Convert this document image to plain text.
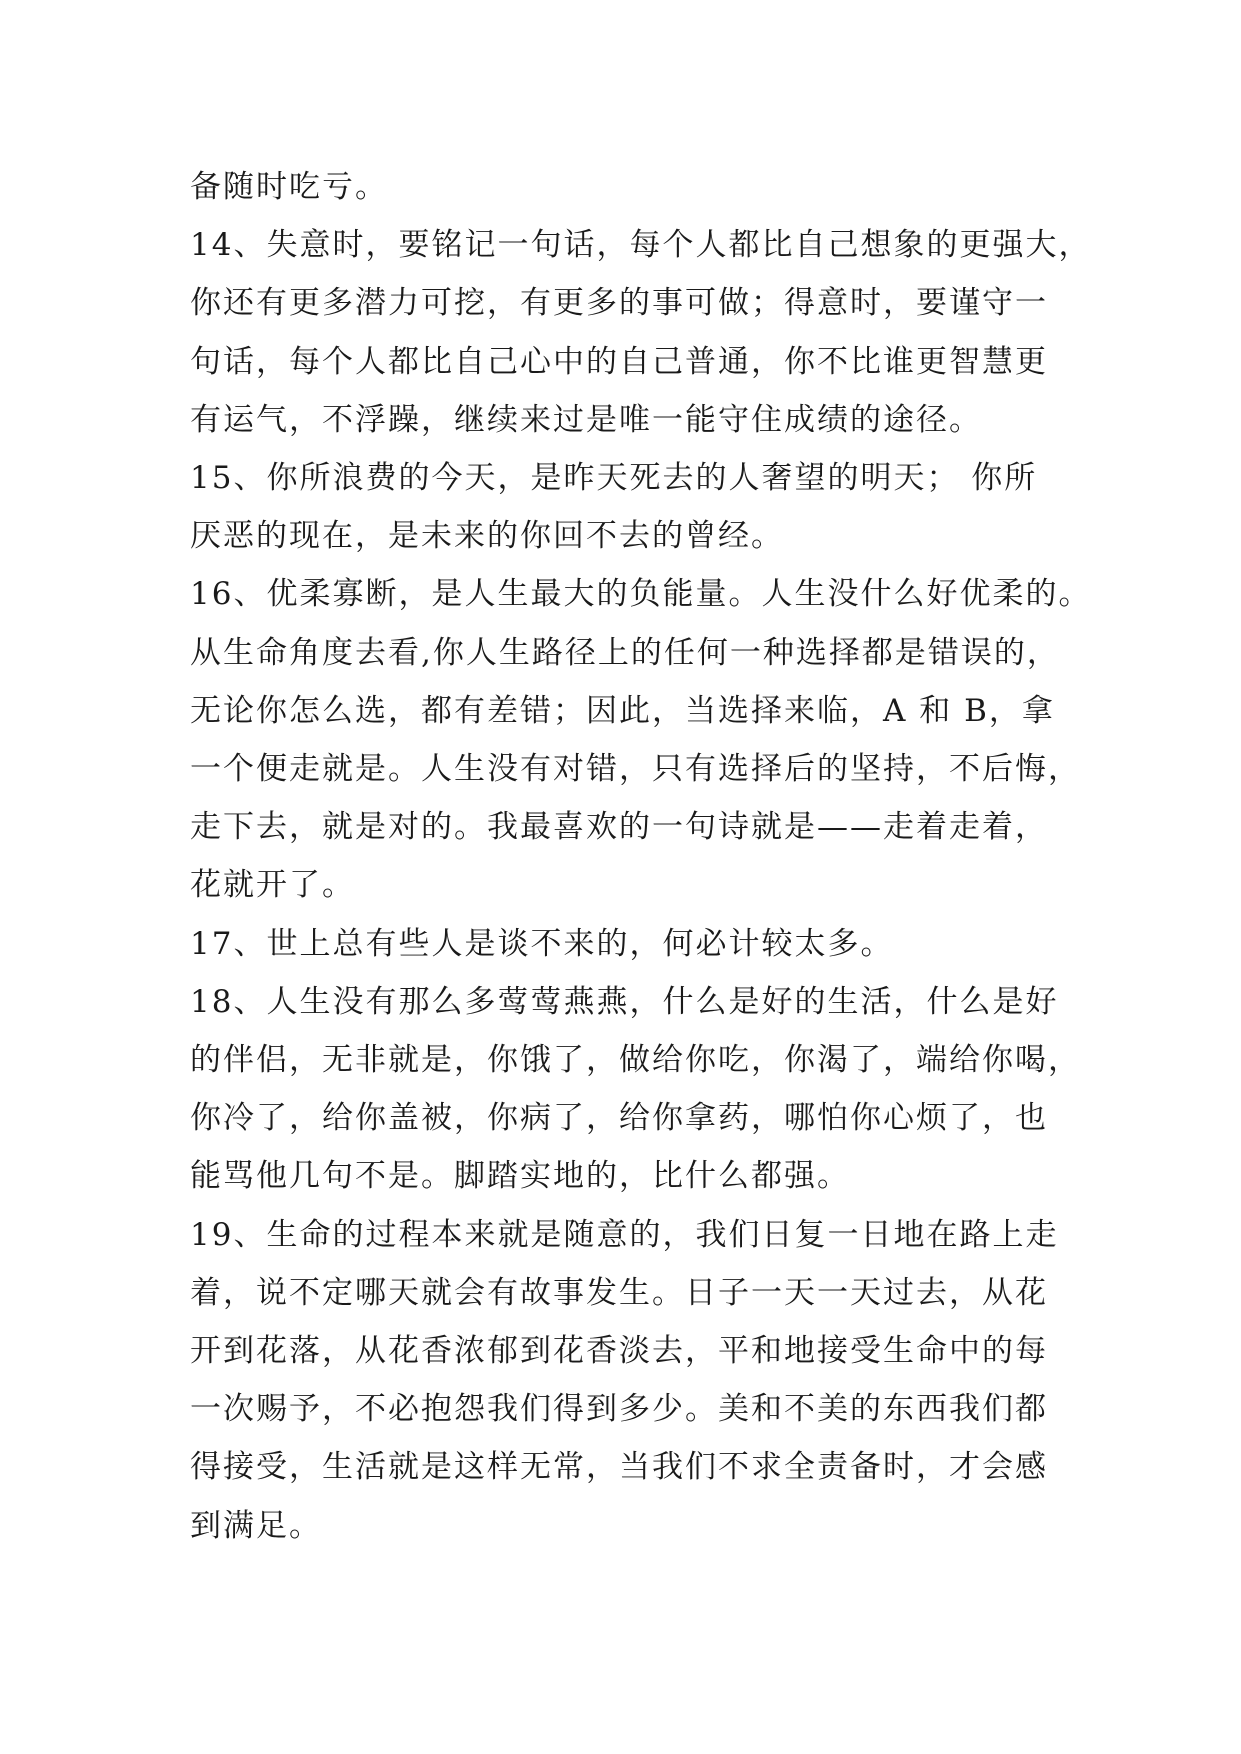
备随时吃亏。
14、失意时，要铭记一句话，每个人都比自己想象的更强大，
你还有更多潜力可挖，有更多的事可做；得意时，要谨守一
句话，每个人都比自己心中的自己普通，你不比谁更智慧更
有运气，不浮躁，继续来过是唯一能守住成绩的途径。
15、你所浪费的今天，是昨天死去的人奢望的明天； 你所
厌恶的现在，是未来的你回不去的曾经。
16、优柔寡断，是人生最大的负能量。人生没什么好优柔的。
从生命角度去看,你人生路径上的任何一种选择都是错误的，
无论你怎么选，都有差错；因此，当选择来临，A 和 B，拿
一个便走就是。人生没有对错，只有选择后的坚持，不后悔，
走下去，就是对的。我最喜欢的一句诗就是——走着走着，
花就开了。
17、世上总有些人是谈不来的，何必计较太多。
18、人生没有那么多莺莺燕燕，什么是好的生活，什么是好
的伴侣，无非就是，你饿了，做给你吃，你渴了，端给你喝，
你冷了，给你盖被，你病了，给你拿药，哪怕你心烦了，也
能骂他几句不是。脚踏实地的，比什么都强。
19、生命的过程本来就是随意的，我们日复一日地在路上走
着，说不定哪天就会有故事发生。日子一天一天过去，从花
开到花落，从花香浓郁到花香淡去，平和地接受生命中的每
一次赐予，不必抱怨我们得到多少。美和不美的东西我们都
得接受，生活就是这样无常，当我们不求全责备时，才会感
到满足。
